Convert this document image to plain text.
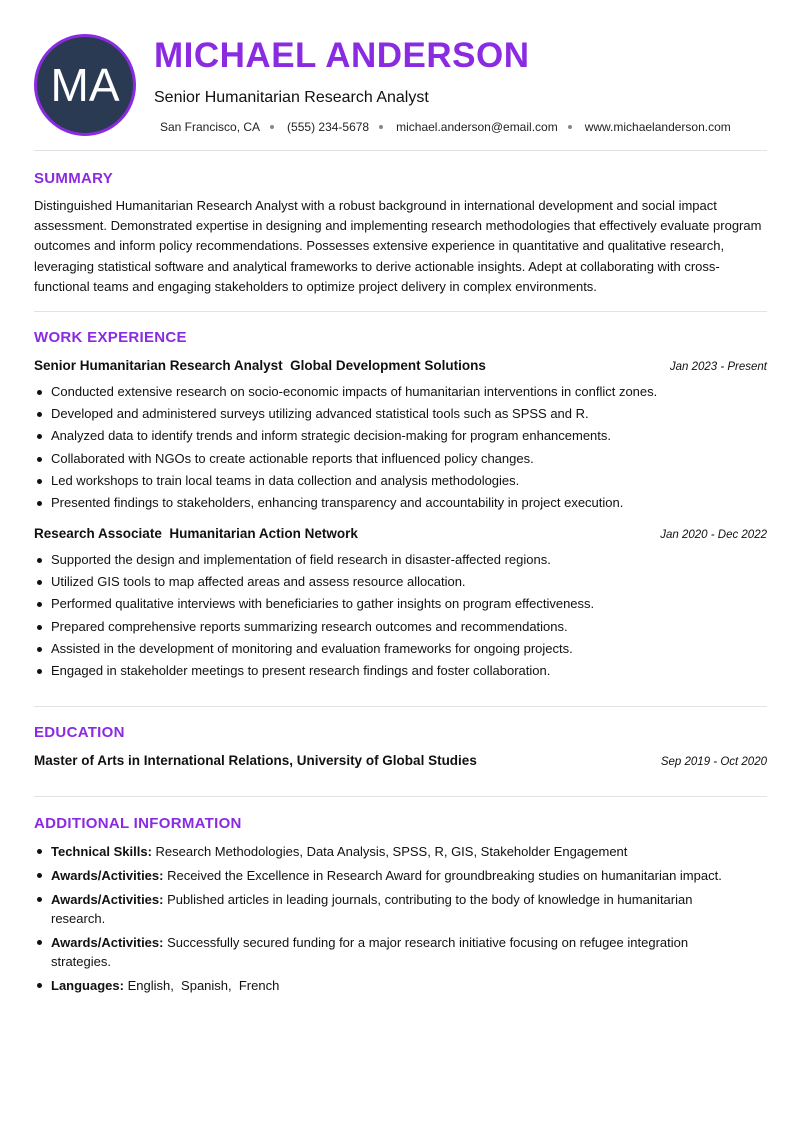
MA
MICHAEL ANDERSON
Senior Humanitarian Research Analyst
San Francisco, CA (555) 234-5678 michael.anderson@email.com www.michaelanderson.com
SUMMARY

Distinguished Humanitarian Research Analyst with a robust background in international development and social impact assessment. Demonstrated expertise in designing and implementing research methodologies that effectively evaluate program outcomes and inform policy recommendations. Possesses extensive experience in quantitative and qualitative research, leveraging statistical software and analytical frameworks to derive actionable insights. Adept at collaborating with cross-functional teams and engaging stakeholders to optimize project delivery in complex environments.

WORK EXPERIENCE
Senior Humanitarian Research Analyst  Global Development Solutions	Jan 2023 - Present
Conducted extensive research on socio-economic impacts of humanitarian interventions in conflict zones.
Developed and administered surveys utilizing advanced statistical tools such as SPSS and R.
Analyzed data to identify trends and inform strategic decision-making for program enhancements.
Collaborated with NGOs to create actionable reports that influenced policy changes.
Led workshops to train local teams in data collection and analysis methodologies.
Presented findings to stakeholders, enhancing transparency and accountability in project execution.
Research Associate  Humanitarian Action Network	Jan 2020 - Dec 2022
Supported the design and implementation of field research in disaster-affected regions.
Utilized GIS tools to map affected areas and assess resource allocation.
Performed qualitative interviews with beneficiaries to gather insights on program effectiveness.
Prepared comprehensive reports summarizing research outcomes and recommendations.
Assisted in the development of monitoring and evaluation frameworks for ongoing projects.
Engaged in stakeholder meetings to present research findings and foster collaboration.
EDUCATION
Master of Arts in International Relations, University of Global Studies	Sep 2019 - Oct 2020
ADDITIONAL INFORMATION
Technical Skills: Research Methodologies, Data Analysis, SPSS, R, GIS, Stakeholder Engagement
Awards/Activities: Received the Excellence in Research Award for groundbreaking studies on humanitarian impact.
Awards/Activities: Published articles in leading journals, contributing to the body of knowledge in humanitarian research.
Awards/Activities: Successfully secured funding for a major research initiative focusing on refugee integration strategies.
Languages: English,  Spanish,  French
